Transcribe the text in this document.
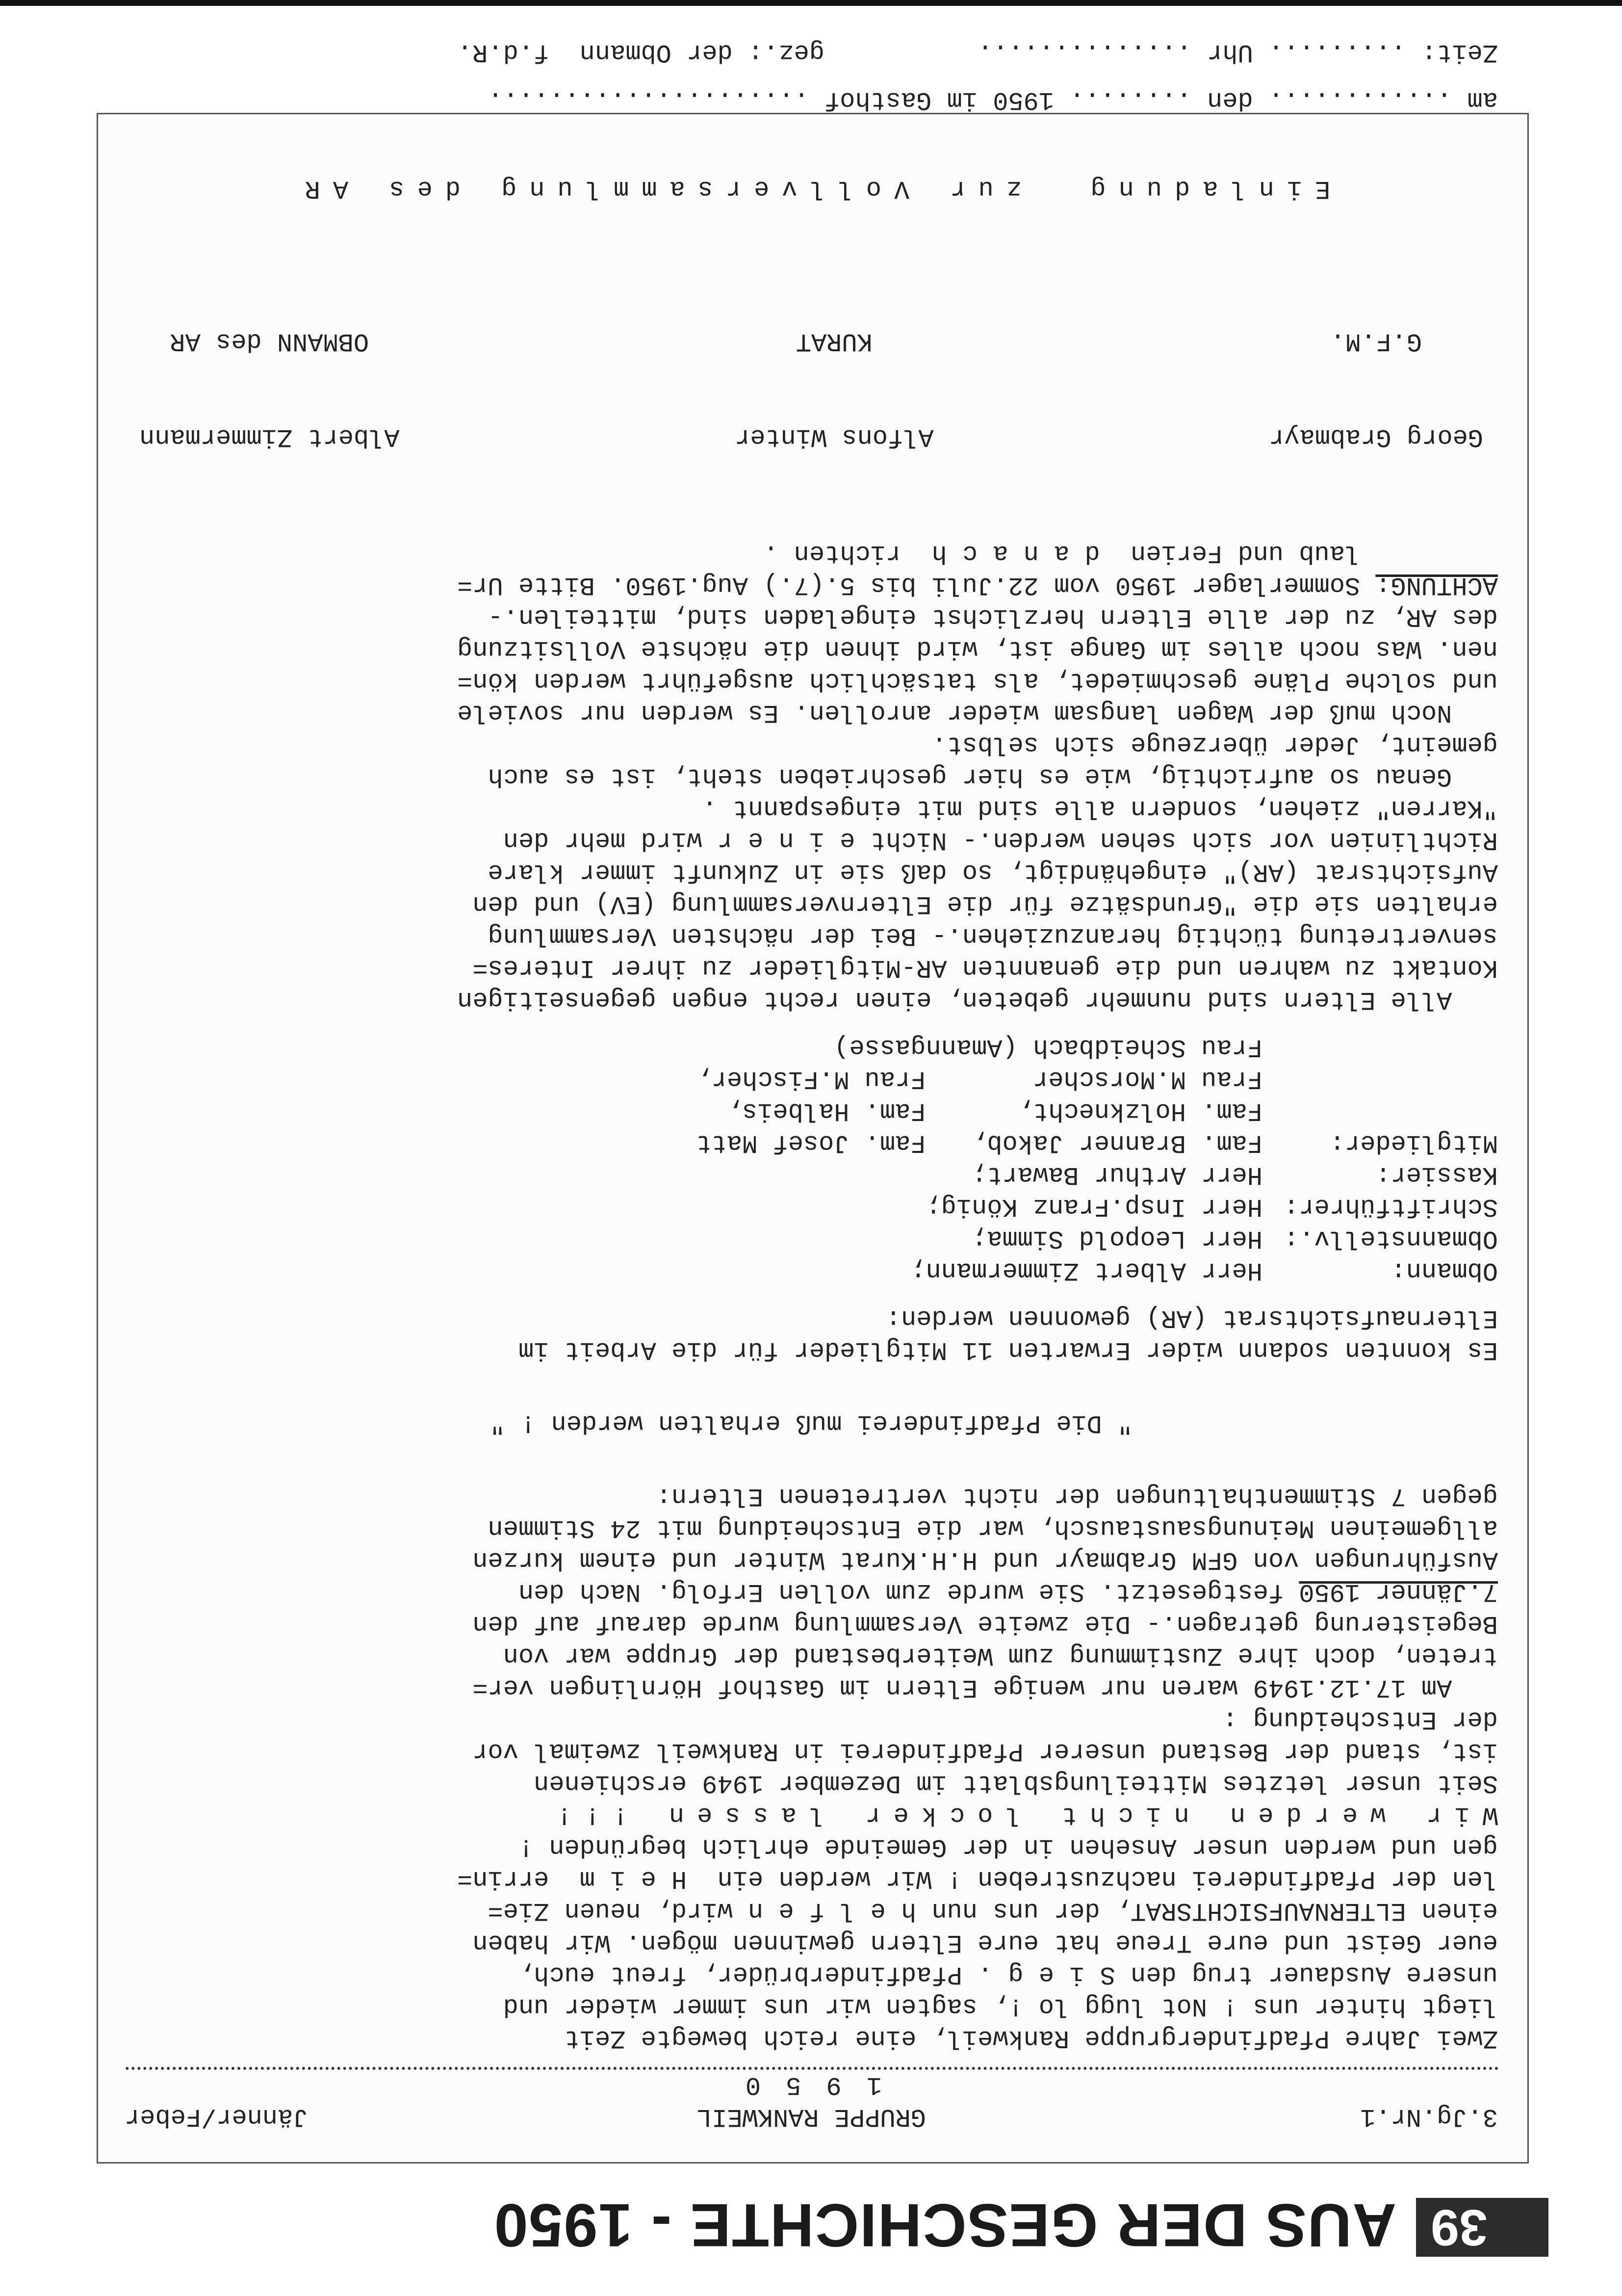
39
AUS DER GESCHICHTE - 1950
3.Jg.Nr.1
GRUPPE RANKWEIL
1 9 5 0
Jänner/Feber

Zwei Jahre Pfadfindergruppe Rankweil, eine reich bewegte Zeit

liegt hinter uns ! Not lugg lo !, sagten wir uns immer wieder und

unsere Ausdauer trug den S i e g . Pfadfinderbrüder, freut euch,

euer Geist und eure Treue hat eure Eltern gewinnen mögen. Wir haben

einen ELTERNAUFSICHTSRAT, der uns nun h e l f e n wird, neuen Zie=

len der Pfadfinderei nachzustreben ! Wir werden ein  H e i m  errin=

gen und werden unser Ansehen in der Gemeinde ehrlich begründen !

Wir werden nicht locker lassen !!!

Seit unser letztes Mitteilungsblatt im Dezember 1949 erschienen

ist, stand der Bestand unserer Pfadfinderei in Rankweil zweimal vor

der Entscheidung :

Am 17.12.1949 waren nur wenige Eltern im Gasthof Hörnlingen ver=

treten, doch ihre Zustimmung zum Weiterbestand der Gruppe war von

Begeisterung getragen.- Die zweite Versammlung wurde darauf auf den

7.Jänner 1950 festgesetzt. Sie wurde zum vollen Erfolg. Nach den

Ausführungen von GFM Grabmayr und H.H.Kurat Winter und einem kurzen

allgemeinen Meinungsaustausch, war die Entscheidung mit 24 Stimmen

gegen 7 Stimmenthaltungen der nicht vertretenen Eltern:

" Die Pfadfinderei muß erhalten werden ! "

Es konnten sodann wider Erwarten 11 Mitglieder für die Arbeit im

Elternaufsichtsrat (AR) gewonnen werden:

Obmann:
Herr Albert Zimmermann;
Obmannstellv.:
Herr Leopold Simma;
Schriftführer:
Herr Insp.Franz König;
Kassier:
Herr Arthur Bawart;
Mitglieder:
Fam. Branner Jakob,   Fam. Josef Matt
Fam. Holzknecht,      Fam. Halbeis,
Frau M.Morscher       Frau M.Fischer,
Frau Scheidbach (Amanngasse)

Alle Eltern sind nunmehr gebeten, einen recht engen gegenseitigen

Kontakt zu wahren und die genannten AR-Mitglieder zu ihrer Interes=

senvertretung tüchtig heranzuziehen.- Bei der nächsten Versammlung

erhalten sie die "Grundsätze für die Elternversammlung (EV) und den

Aufsichtsrat (AR)" eingehändigt, so daß sie in Zukunft immer klare

Richtlinien vor sich sehen werden.- Nicht e i n e r wird mehr den

"Karren" ziehen, sondern alle sind mit eingespannt .

Genau so aufrichtig, wie es hier geschrieben steht, ist es auch

gemeint, Jeder überzeuge sich selbst.

Noch muß der Wagen langsam wieder anrollen. Es werden nur soviele

und solche Pläne geschmiedet, als tatsächlich ausgeführt werden kön=

nen. Was noch alles im Gange ist, wird ihnen die nächste Vollsitzung

des AR, zu der alle Eltern herzlichst eingeladen sind, mitteilen.-

ACHTUNG: Sommerlager 1950 vom 22.Juli bis 5.(7.) Aug.1950. Bitte Ur=

laub und Ferien  d a n a c h  richten .

Georg Grabmayr

G.F.M.

Alfons Winter

KURAT

Albert Zimmermann

OBMANN des AR

Einladung  zur Vollversammlung des AR

am ............ den ........ 1950 im Gasthof .....................

Zeit: ......... Uhr ..............          gez.: der Obmann  f.d.R.
